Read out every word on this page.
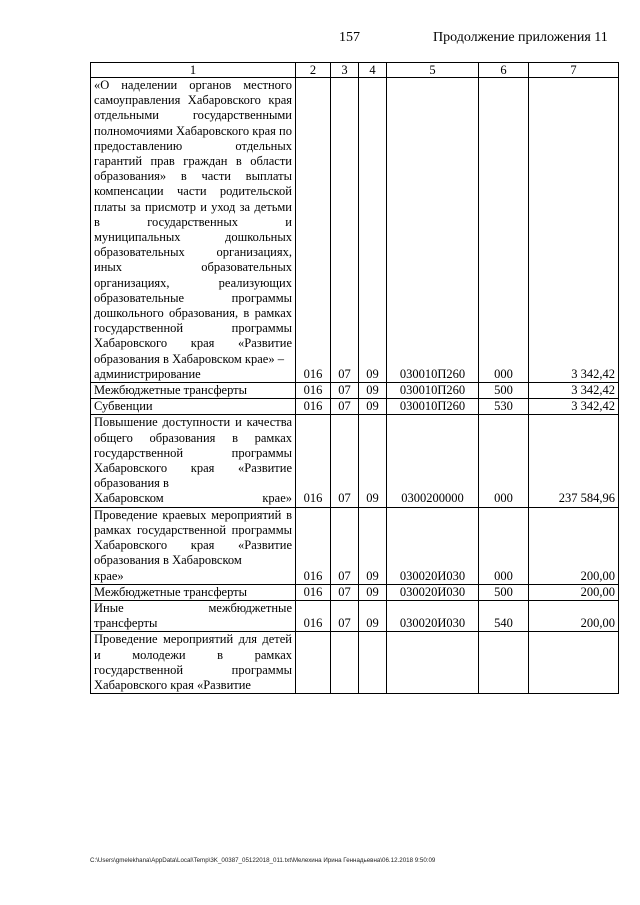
157	Продолжение приложения 11
1	2	3	4	5	6	7
«О наделении органов местного самоуправления Хабаровского края отдельными государственными полномочиями Хабаровского края по предоставлению отдельных гарантий прав граждан в области образования» в части выплаты компенсации части родительской платы за присмотр и уход за детьми в государственных и муниципальных дошкольных образовательных организациях, иных образовательных организациях, реализующих образовательные программы дошкольного образования, в рамках государственной программы Хабаровского края «Развитие образования в Хабаровском крае» –
администрирование	016	07	09	030010П260	000	3 342,42
Межбюджетные трансферты	016	07	09	030010П260	500	3 342,42
Субвенции	016	07	09	030010П260	530	3 342,42
Повышение доступности и качества общего образования в рамках государственной программы Хабаровского края «Развитие образования в
Хабаровском крае»	016	07	09	0300200000	000	237 584,96
Проведение краевых мероприятий в рамках государственной программы Хабаровского края «Развитие образования в Хабаровском
крае»	016	07	09	030020И030	000	200,00
Межбюджетные трансферты	016	07	09	030020И030	500	200,00

Иные межбюджетные
трансферты	016	07	09	030020И030	540	200,00
Проведение мероприятий для детей и молодежи в рамках государственной программы Хабаровского края «Развитие						
C:\Users\gmelekhana\AppData\Local\Temp\3K_00387_05122018_011.txt\Мелехина Ирина Геннадьевна\06.12.2018 9:50:09
